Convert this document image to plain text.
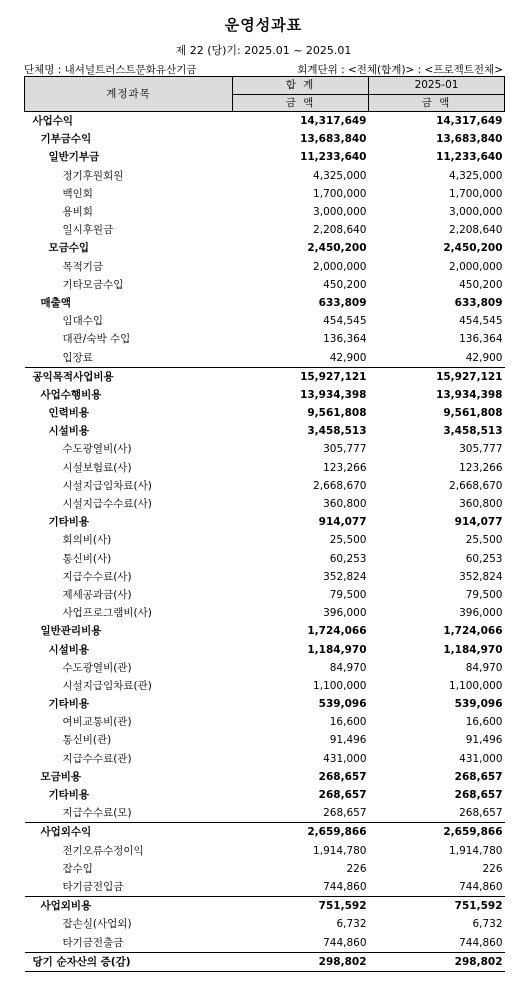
운영성과표
제 22 (당)기: 2025.01 ~ 2025.01
단체명 : 내셔널트러스트문화유산기금	회계단위 : <전체(합계)> : <프로젝트전체>
계정과목	합 계	2025-01
	금 액	금 액
사업수익	14,317,649	14,317,649
기부금수익	13,683,840	13,683,840
일반기부금	11,233,640	11,233,640
정기후원회원	4,325,000	4,325,000
백인회	1,700,000	1,700,000
용비회	3,000,000	3,000,000
일시후원금	2,208,640	2,208,640
모금수입	2,450,200	2,450,200
목적기금	2,000,000	2,000,000
기타모금수입	450,200	450,200
매출액	633,809	633,809
임대수입	454,545	454,545
대관/숙박 수입	136,364	136,364
입장료	42,900	42,900
공익목적사업비용	15,927,121	15,927,121
사업수행비용	13,934,398	13,934,398
인력비용	9,561,808	9,561,808
시설비용	3,458,513	3,458,513
수도광열비(사)	305,777	305,777
시설보험료(사)	123,266	123,266
시설지급임차료(사)	2,668,670	2,668,670
시설지급수수료(사)	360,800	360,800
기타비용	914,077	914,077
회의비(사)	25,500	25,500
통신비(사)	60,253	60,253
지급수수료(사)	352,824	352,824
제세공과금(사)	79,500	79,500
사업프로그램비(사)	396,000	396,000
일반관리비용	1,724,066	1,724,066
시설비용	1,184,970	1,184,970
수도광열비(관)	84,970	84,970
시설지급임차료(관)	1,100,000	1,100,000
기타비용	539,096	539,096
여비교통비(관)	16,600	16,600
통신비(관)	91,496	91,496
지급수수료(관)	431,000	431,000
모금비용	268,657	268,657
기타비용	268,657	268,657
지급수수료(모)	268,657	268,657
사업외수익	2,659,866	2,659,866
전기오류수정이익	1,914,780	1,914,780
잡수입	226	226
타기금전입금	744,860	744,860
사업외비용	751,592	751,592
잡손실(사업외)	6,732	6,732
타기금전출금	744,860	744,860
당기 순자산의 증(감)	298,802	298,802
